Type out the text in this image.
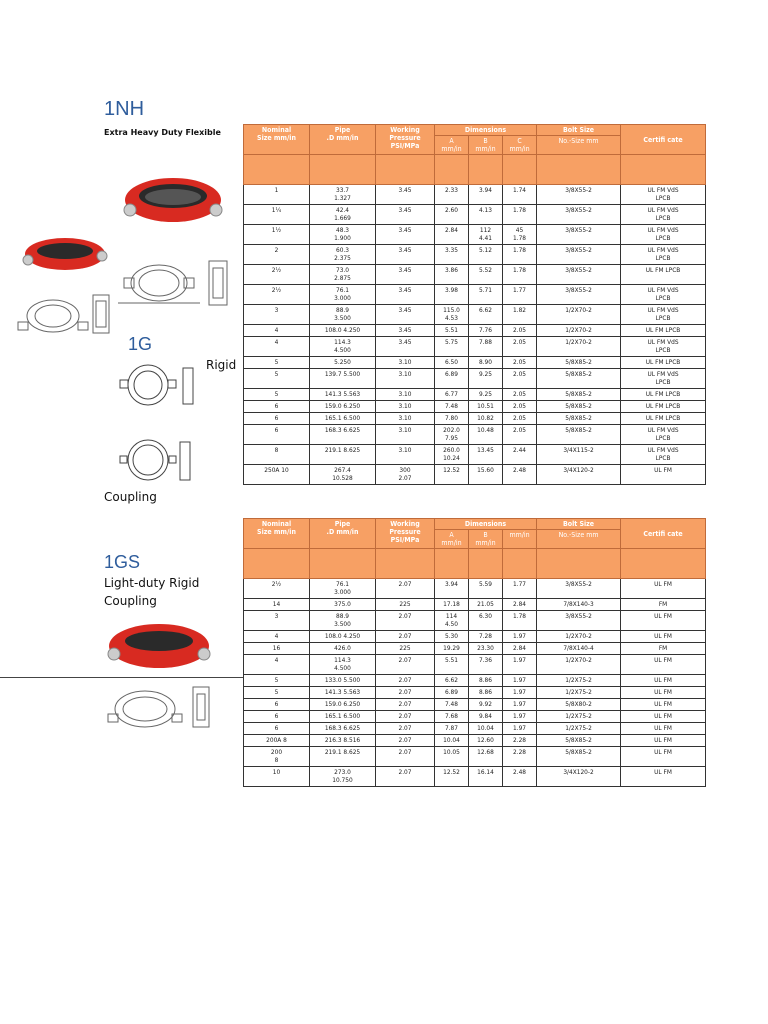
1NH
Extra Heavy Duty Flexible
1G
Rigid
Coupling
1GS
Light-duty Rigid
Coupling
Nominal
Size mm/in	Pipe
.D mm/in	Working
Pressure
PSI/MPa	Dimensions			Bolt Size	Certifi cate
			A
mm/in	B
mm/in	C
mm/in	No.-Size mm	

1	33.7
1.327	3.45	2.33	3.94	1.74	3/8X55-2	UL FM VdS
LPCB
1¼	42.4
1.669	3.45	2.60	4.13	1.78	3/8X55-2	UL FM VdS
LPCB
1½	48.3
1.900	3.45	2.84	112
4.41	45
1.78	3/8X55-2	UL FM VdS
LPCB
2	60.3
2.375	3.45	3.35	5.12	1.78	3/8X55-2	UL FM VdS
LPCB
2½	73.0
2.875	3.45	3.86	5.52	1.78	3/8X55-2	UL FM LPCB
2½	76.1
3.000	3.45	3.98	5.71	1.77	3/8X55-2	UL FM VdS
LPCB
3	88.9
3.500	3.45	115.0
4.53	6.62	1.82	1/2X70-2	UL FM VdS
LPCB
4	108.0 4.250	3.45	5.51	7.76	2.05	1/2X70-2	UL FM LPCB
4	114.3
4.500	3.45	5.75	7.88	2.05	1/2X70-2	UL FM VdS
LPCB
5	5.250	3.10	6.50	8.90	2.05	5/8X85-2	UL FM LPCB
5	139.7 5.500	3.10	6.89	9.25	2.05	5/8X85-2	UL FM VdS
LPCB
5	141.3 5.563	3.10	6.77	9.25	2.05	5/8X85-2	UL FM LPCB
6	159.0 6.250	3.10	7.48	10.51	2.05	5/8X85-2	UL FM LPCB
6	165.1 6.500	3.10	7.80	10.82	2.05	5/8X85-2	UL FM LPCB
6	168.3 6.625	3.10	202.0
7.95	10.48	2.05	5/8X85-2	UL FM VdS
LPCB
8	219.1 8.625	3.10	260.0
10.24	13.45	2.44	3/4X115-2	UL FM VdS
LPCB
250A 10	267.4
10.528	300
2.07	12.52	15.60	2.48	3/4X120-2	UL FM
Nominal
Size mm/in	Pipe
.D mm/in	Working
Pressure
PSI/MPa	Dimensions			Bolt Size	Certifi cate
			A
mm/in	B
mm/in	mm/in	No.-Size mm	

2½	76.1
3.000	2.07	3.94	5.59	1.77	3/8X55-2	UL FM
14	375.0	225	17.18	21.05	2.84	7/8X140-3	FM
3	88.9
3.500	2.07	114
4.50	6.30	1.78	3/8X55-2	UL FM
4	108.0 4.250	2.07	5.30	7.28	1.97	1/2X70-2	UL FM
16	426.0	225	19.29	23.30	2.84	7/8X140-4	FM
4	114.3
4.500	2.07	5.51	7.36	1.97	1/2X70-2	UL FM
5	133.0 5.500	2.07	6.62	8.86	1.97	1/2X75-2	UL FM
5	141.3 5.563	2.07	6.89	8.86	1.97	1/2X75-2	UL FM
6	159.0 6.250	2.07	7.48	9.92	1.97	5/8X80-2	UL FM
6	165.1 6.500	2.07	7.68	9.84	1.97	1/2X75-2	UL FM
6	168.3 6.625	2.07	7.87	10.04	1.97	1/2X75-2	UL FM
200A 8	216.3 8.516	2.07	10.04	12.60	2.28	5/8X85-2	UL FM
200
8	219.1 8.625	2.07	10.05	12.68	2.28	5/8X85-2	UL FM
10	273.0
10.750	2.07	12.52	16.14	2.48	3/4X120-2	UL FM
